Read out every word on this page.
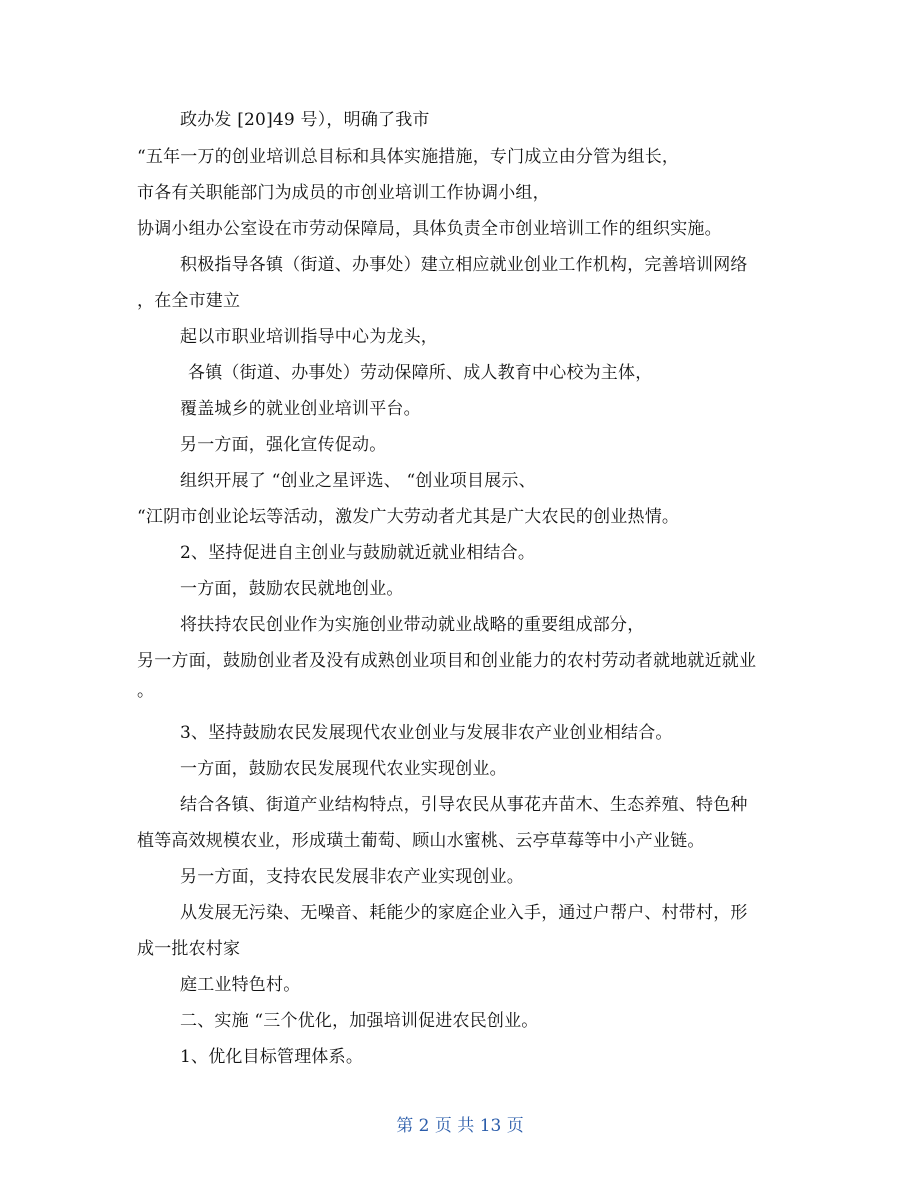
政办发 [20]49 号），明确了我市
“五年一万的创业培训总目标和具体实施措施，专门成立由分管为组长，
市各有关职能部门为成员的市创业培训工作协调小组，
协调小组办公室设在市劳动保障局，具体负责全市创业培训工作的组织实施。
积极指导各镇（街道、办事处）建立相应就业创业工作机构，完善培训网络
，在全市建立
起以市职业培训指导中心为龙头，
各镇（街道、办事处）劳动保障所、成人教育中心校为主体，
覆盖城乡的就业创业培训平台。
另一方面，强化宣传促动。
组织开展了 “创业之星评选、 “创业项目展示、
“江阴市创业论坛等活动，激发广大劳动者尤其是广大农民的创业热情。
2、坚持促进自主创业与鼓励就近就业相结合。
一方面，鼓励农民就地创业。
将扶持农民创业作为实施创业带动就业战略的重要组成部分，
另一方面，鼓励创业者及没有成熟创业项目和创业能力的农村劳动者就地就近就业
。
3、坚持鼓励农民发展现代农业创业与发展非农产业创业相结合。
一方面，鼓励农民发展现代农业实现创业。
结合各镇、街道产业结构特点，引导农民从事花卉苗木、生态养殖、特色种
植等高效规模农业，形成璜土葡萄、顾山水蜜桃、云亭草莓等中小产业链。
另一方面，支持农民发展非农产业实现创业。
从发展无污染、无噪音、耗能少的家庭企业入手，通过户帮户、村带村，形
成一批农村家
庭工业特色村。
二、实施 “三个优化，加强培训促进农民创业。
1、优化目标管理体系。
第 2 页 共 13 页
